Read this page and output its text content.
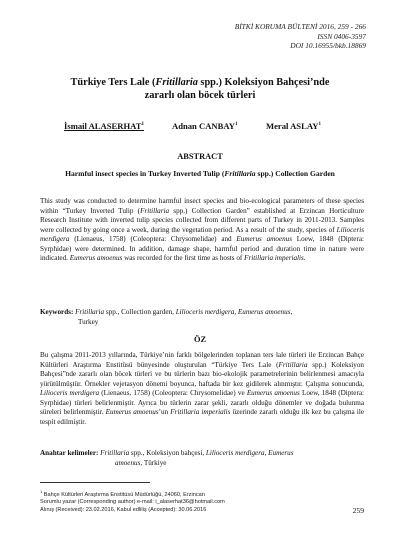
BİTKİ KORUMA BÜLTENİ 2016, 259 - 266
ISSN 0406-3597
DOI 10.16955/bkb.18869
Türkiye Ters Lale (Fritillaria spp.) Koleksiyon Bahçesi’nde
zararlı olan böcek türleri
İsmail ALASERHAT$^1$	Adnan CANBAY$^1$	Meral ASLAY$^1$
ABSTRACT
Harmful insect species in Turkey Inverted Tulip (Fritillaria spp.) Collection Garden
This study was conducted to determine harmful insect species and bio-ecological parameters of these species within “Turkey Inverted Tulip (Fritillaria spp.) Collection Garden” established at Erzincan Horticulture Research Institute with inverted tulip species collected from different parts of Turkey in 2011-2013. Samples were collected by going once a week, during the vegetation period. As a result of the study, species of Lilioceris merdigera (Lienaeus, 1758) (Coleoptera: Chrysomelidae) and Eumerus amoenus Loew, 1848 (Diptera: Syrphidae) were determined. In addition, damage shape, harmful period and duration time in nature were indicated. Eumerus amoenus was recorded for the first time as hosts of Fritillaria imperialis.
Keywords: Fritillaria spp., Collection garden, Lilioceris merdigera, Eumerus amoenus,
Turkey
ÖZ
Bu çalışma 2011-2013 yıllarında, Türkiye’nin farklı bölgelerinden toplanan ters lale türleri ile Erzincan Bahçe Kültürleri Araştırma Enstitüsü bünyesinde oluşturulan “Türkiye Ters Lale (Fritillaria spp.) Koleksiyon Bahçesi”nde zararlı olan böcek türleri ve bu türlerin bazı bio-ekolojik parametrelerinin belirlenmesi amacıyla yürütülmüştür. Örnekler vejetasyon dönemi boyunca, haftada bir kez gidilerek alınmıştır. Çalışma sonucunda, Lilioceris merdigera (Lienaeus, 1758) (Coleoptera: Chrysomelidae) ve Eumerus amoenus Loew, 1848 (Diptera: Syrphidae) türleri belirlenmiştir. Ayrıca bu türlerin zarar şekli, zararlı olduğu dönemler ve doğada bulunma süreleri belirlenmiştir. Eumerus amoenus’un Fritillaria imperialis üzerinde zararlı olduğu ilk kez bu çalışma ile tespit edilmiştir.
Anahtar kelimeler: Fritillaria spp., Koleksiyon bahçesi, Lilioceris merdigera, Eumerus
amoenus, Türkiye
$^1$ Bahçe Kültürleri Araştırma Enstitüsü Müdürlüğü, 24060, Erzincan
Sorumlu yazar (Corresponding author) e-mail: i_alaserhat36@hotmail.com
Alınış (Received): 23.02.2016, Kabul edliliş (Accepted): 30.06.2016	259
